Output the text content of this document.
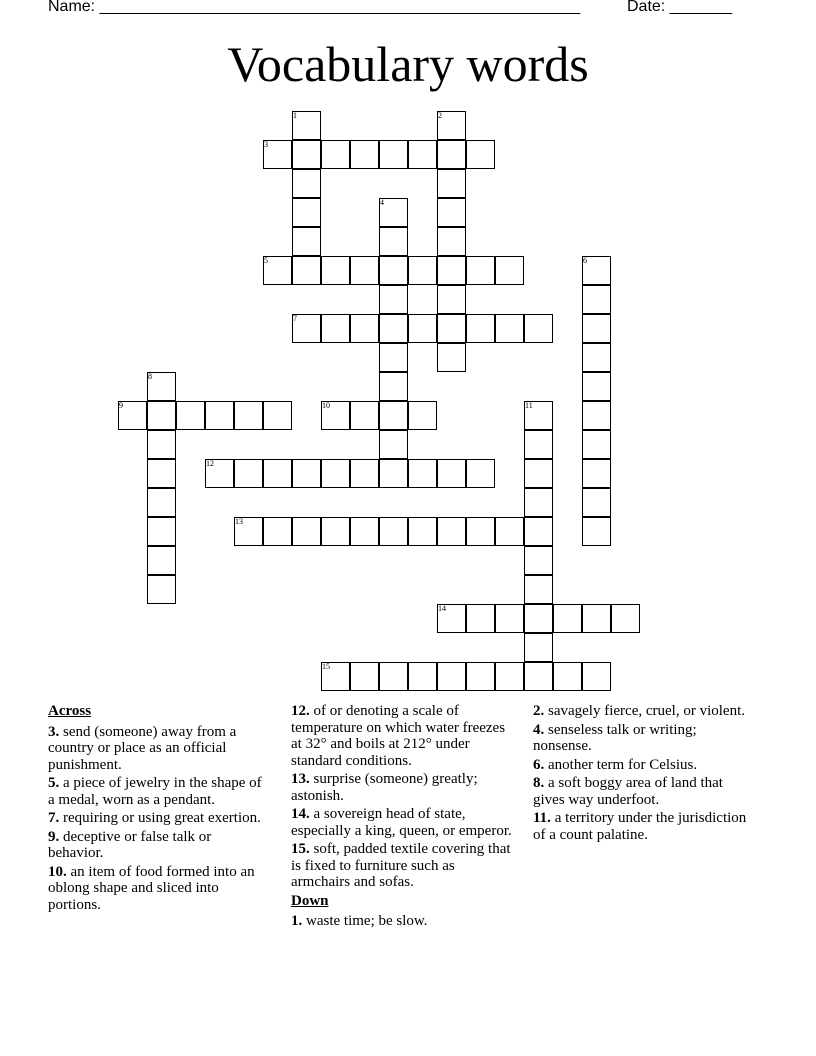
Name: ______________________________________________________	Date: _______
Vocabulary words
1	2
3
4
5	6
7
8
9	10	11
12
13
14
15
Across
3. send (someone) away from a country or place as an official punishment.
5. a piece of jewelry in the shape of a medal, worn as a pendant.
7. requiring or using great exertion.
9. deceptive or false talk or behavior.
10. an item of food formed into an oblong shape and sliced into portions.
12. of or denoting a scale of temperature on which water freezes at 32° and boils at 212° under standard conditions.
13. surprise (someone) greatly; astonish.
14. a sovereign head of state, especially a king, queen, or emperor.
15. soft, padded textile covering that is fixed to furniture such as armchairs and sofas.
Down
1. waste time; be slow.
2. savagely fierce, cruel, or violent.
4. senseless talk or writing; nonsense.
6. another term for Celsius.
8. a soft boggy area of land that gives way underfoot.
11. a territory under the jurisdiction of a count palatine.
